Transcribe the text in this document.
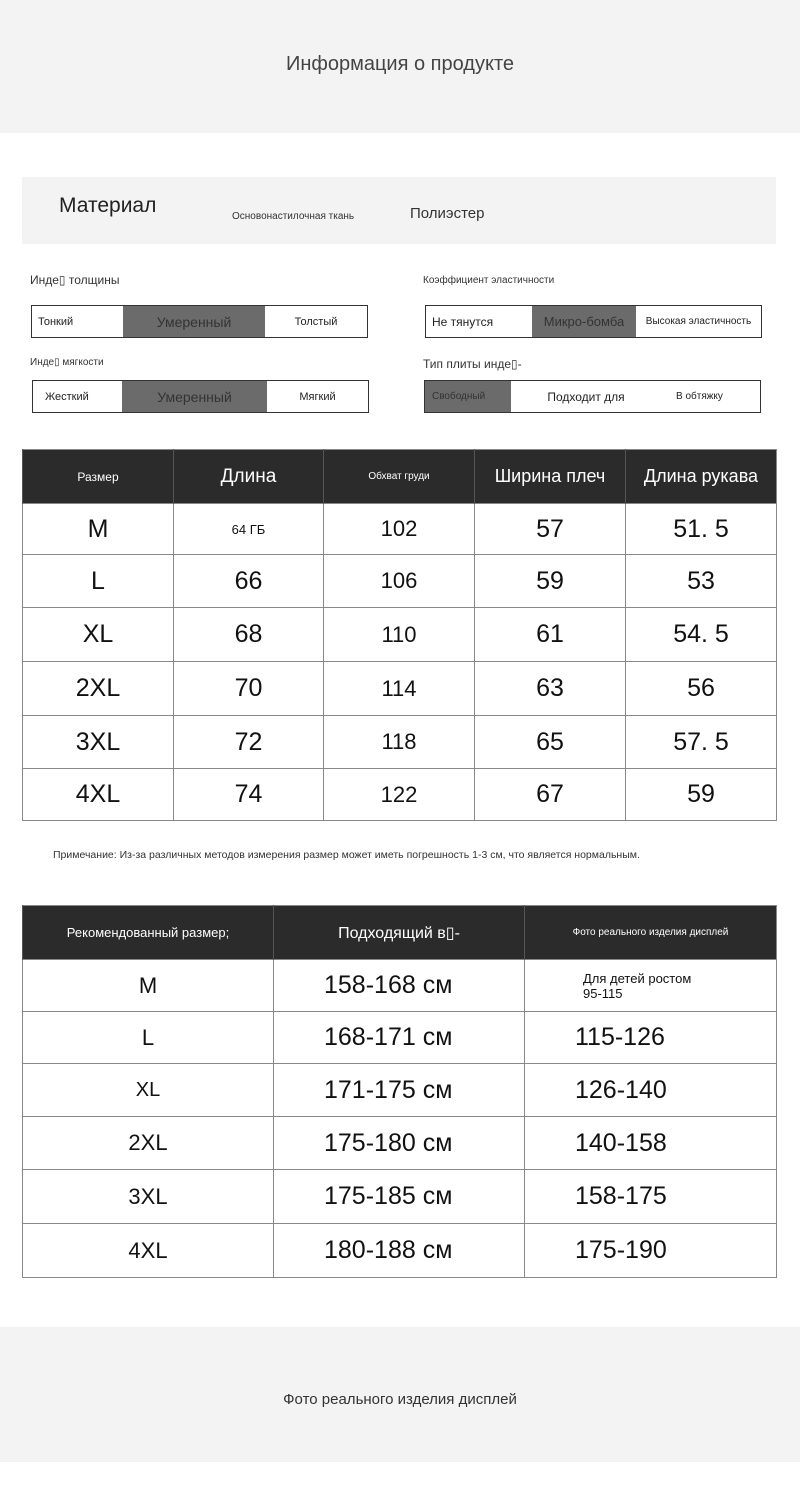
Информация о продукте
Материал	Основонастилочная ткань	Полиэстер
Инде▯ толщины
Тонкий	Умеренный	Толстый
Коэффициент эластичности
Не тянутся	Микро-бомба	Высокая эластичность
Инде▯ мягкости
Жесткий	Умеренный	Мягкий
Тип плиты инде▯-
Свободный	Подходит для	В обтяжку
Размер	Длина	Обхват груди	Ширина плеч	Длина рукава
M	64 ГБ	102	57	51. 5
L	66	106	59	53
XL	68	110	61	54. 5
2XL	70	114	63	56
3XL	72	118	65	57. 5
4XL	74	122	67	59
Примечание: Из-за различных методов измерения размер может иметь погрешность 1-3 см, что является нормальным.
Рекомендованный размер;	Подходящий в▯-	Фото реального изделия дисплей
M	158-168 см	Для детей ростом
95-115
L	168-171 см	115-126
XL	171-175 см	126-140
2XL	175-180 см	140-158
3XL	175-185 см	158-175
4XL	180-188 см	175-190
Фото реального изделия дисплей
